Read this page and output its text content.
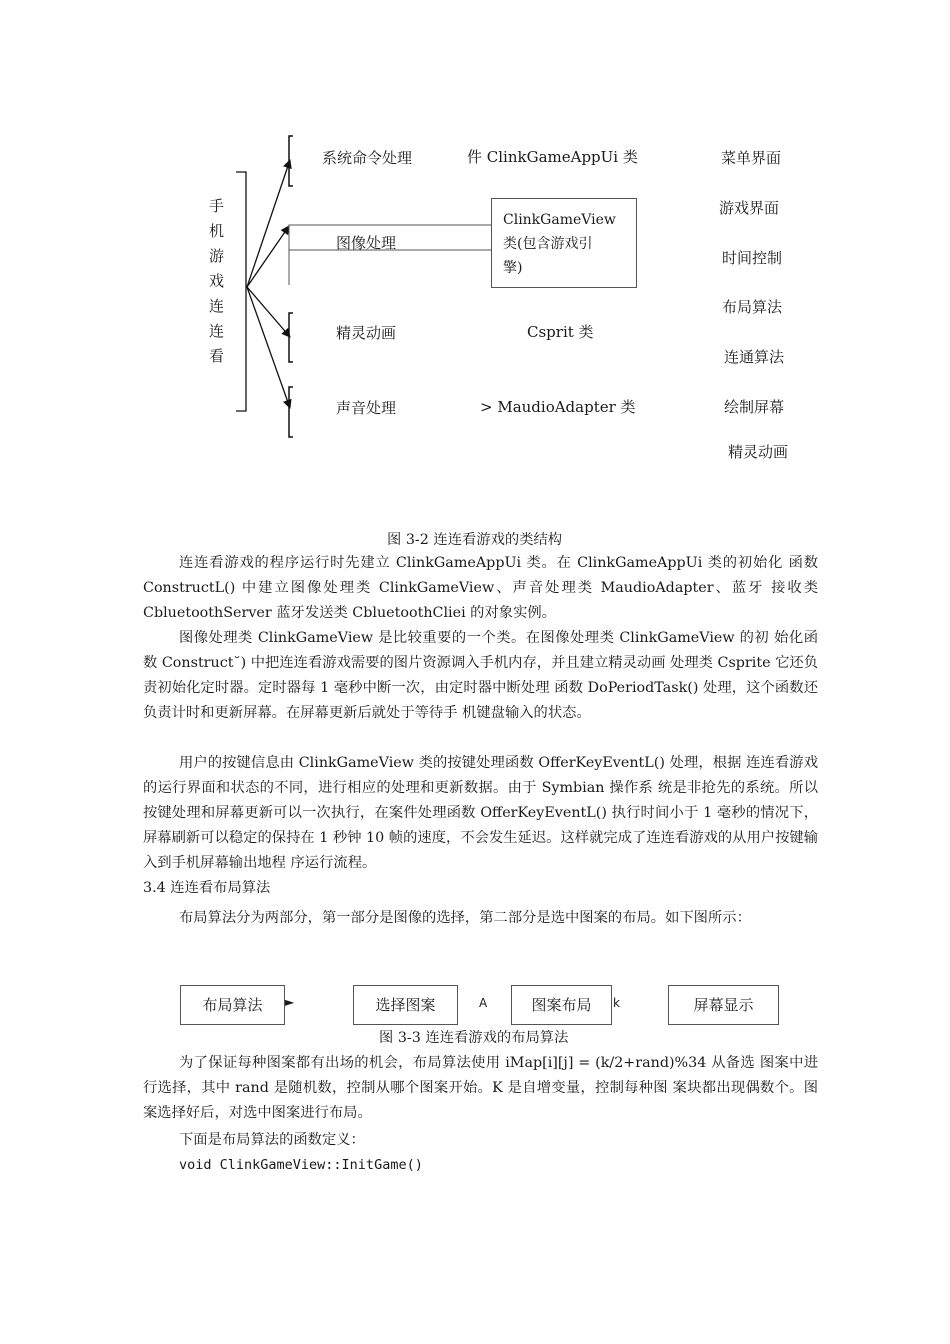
手
机
游
戏
连
连
看
系统命令处理	件 ClinkGameAppUi 类
图像处理
ClinkGameView
类(包含游戏引
擎)
精灵动画	Csprit 类
声音处理	> MaudioAdapter 类
菜单界面
游戏界面
时间控制
布局算法
连通算法
绘制屏幕
精灵动画
图 3-2 连连看游戏的类结构

连连看游戏的程序运行时先建立 ClinkGameAppUi 类。在 ClinkGameAppUi 类的初始化 函数 ConstructL() 中建立图像处理类 ClinkGameView、声音处理类 MaudioAdapter、蓝牙 接收类 CbluetoothServer 蓝牙发送类 CbluetoothCliei 的对象实例。

图像处理类 ClinkGameView 是比较重要的一个类。在图像处理类 ClinkGameView 的初 始化函数 Construct˘) 中把连连看游戏需要的图片资源调入手机内存，并且建立精灵动画 处理类 Csprite 它还负责初始化定时器。定时器每 1 毫秒中断一次，由定时器中断处理 函数 DoPeriodTask() 处理，这个函数还负责计时和更新屏幕。在屏幕更新后就处于等待手 机键盘输入的状态。

用户的按键信息由 ClinkGameView 类的按键处理函数 OfferKeyEventL() 处理，根据 连连看游戏的运行界面和状态的不同，进行相应的处理和更新数据。由于 Symbian 操作系 统是非抢先的系统。所以按键处理和屏幕更新可以一次执行，在案件处理函数 OfferKeyEventL() 执行时间小于 1 毫秒的情况下，屏幕刷新可以稳定的保持在 1 秒钟 10 帧的速度，不会发生延迟。这样就完成了连连看游戏的从用户按键输入到手机屏幕输出地程 序运行流程。

3.4 连连看布局算法

布局算法分为两部分，第一部分是图像的选择，第二部分是选中图案的布局。如下图所示：

布局算法	►	选择图案	A	图案布局	k	屏幕显示
图 3-3 连连看游戏的布局算法

为了保证每种图案都有出场的机会，布局算法使用 iMap[i][j] = (k/2+rand)%34 从备选 图案中进行选择，其中 rand 是随机数，控制从哪个图案开始。K 是自增变量，控制每种图 案块都出现偶数个。图案选择好后，对选中图案进行布局。

下面是布局算法的函数定义：

void ClinkGameView::InitGame()
